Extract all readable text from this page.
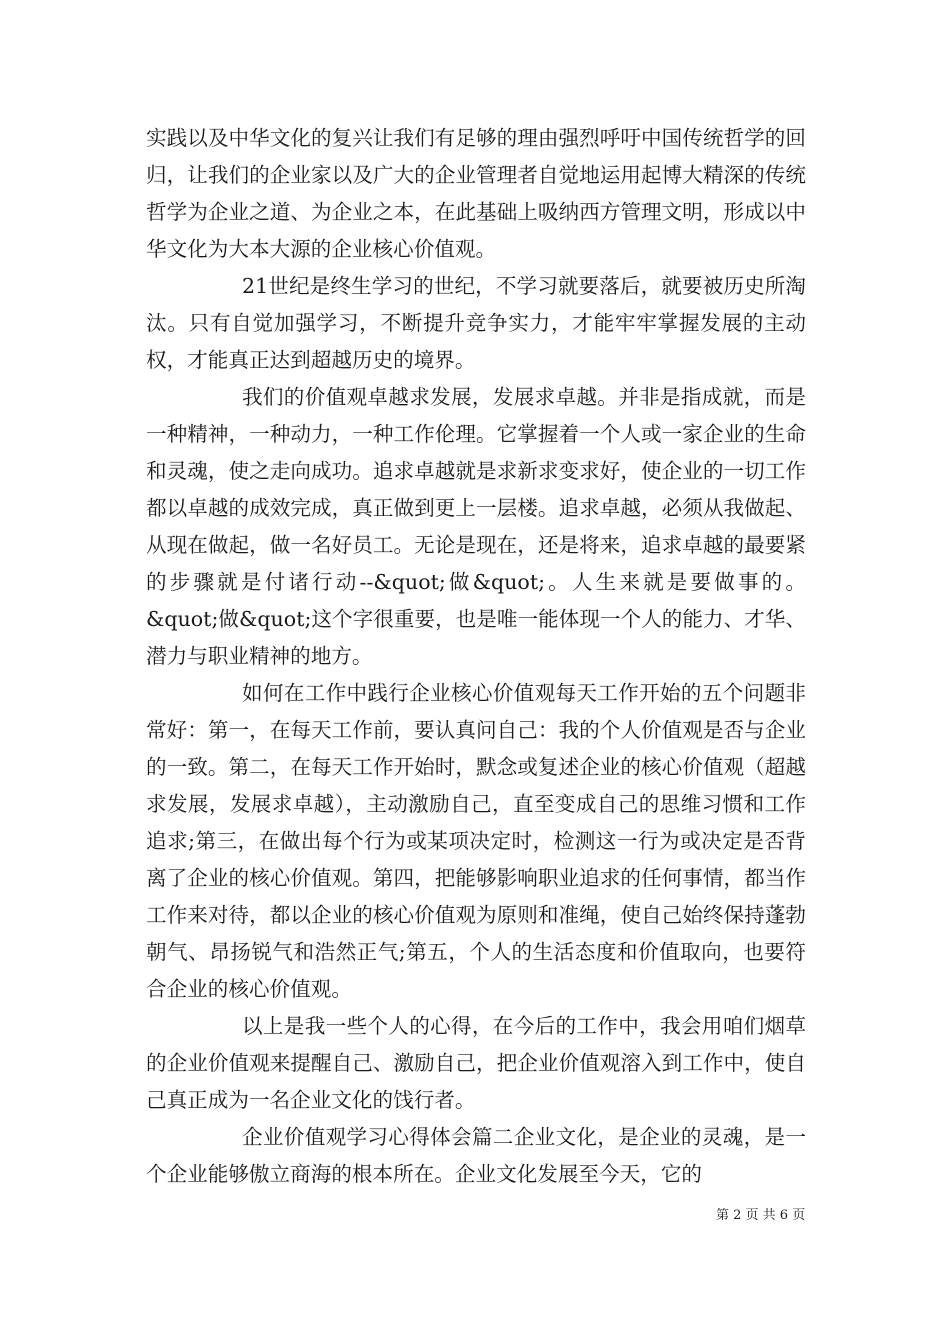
实践以及中华文化的复兴让我们有足够的理由强烈呼吁中国传统哲学的回归，让我们的企业家以及广大的企业管理者自觉地运用起博大精深的传统哲学为企业之道、为企业之本，在此基础上吸纳西方管理文明，形成以中华文化为大本大源的企业核心价值观。

21世纪是终生学习的世纪，不学习就要落后，就要被历史所淘汰。只有自觉加强学习，不断提升竞争实力，才能牢牢掌握发展的主动权，才能真正达到超越历史的境界。

我们的价值观卓越求发展，发展求卓越。并非是指成就，而是一种精神，一种动力，一种工作伦理。它掌握着一个人或一家企业的生命和灵魂，使之走向成功。追求卓越就是求新求变求好，使企业的一切工作都以卓越的成效完成，真正做到更上一层楼。追求卓越，必须从我做起、从现在做起，做一名好员工。无论是现在，还是将来，追求卓越的最要紧的步骤就是付诸行动--&quot;做&quot;。人生来就是要做事的。&quot;做&quot;这个字很重要，也是唯一能体现一个人的能力、才华、潜力与职业精神的地方。

如何在工作中践行企业核心价值观每天工作开始的五个问题非常好：第一，在每天工作前，要认真问自己：我的个人价值观是否与企业的一致。第二，在每天工作开始时，默念或复述企业的核心价值观（超越求发展，发展求卓越），主动激励自己，直至变成自己的思维习惯和工作追求;第三，在做出每个行为或某项决定时，检测这一行为或决定是否背离了企业的核心价值观。第四，把能够影响职业追求的任何事情，都当作工作来对待，都以企业的核心价值观为原则和准绳，使自己始终保持蓬勃朝气、昂扬锐气和浩然正气;第五，个人的生活态度和价值取向，也要符合企业的核心价值观。

以上是我一些个人的心得，在今后的工作中，我会用咱们烟草的企业价值观来提醒自己、激励自己，把企业价值观溶入到工作中，使自己真正成为一名企业文化的饯行者。

企业价值观学习心得体会篇二企业文化，是企业的灵魂，是一个企业能够傲立商海的根本所在。企业文化发展至今天，它的

第 2 页 共 6 页
